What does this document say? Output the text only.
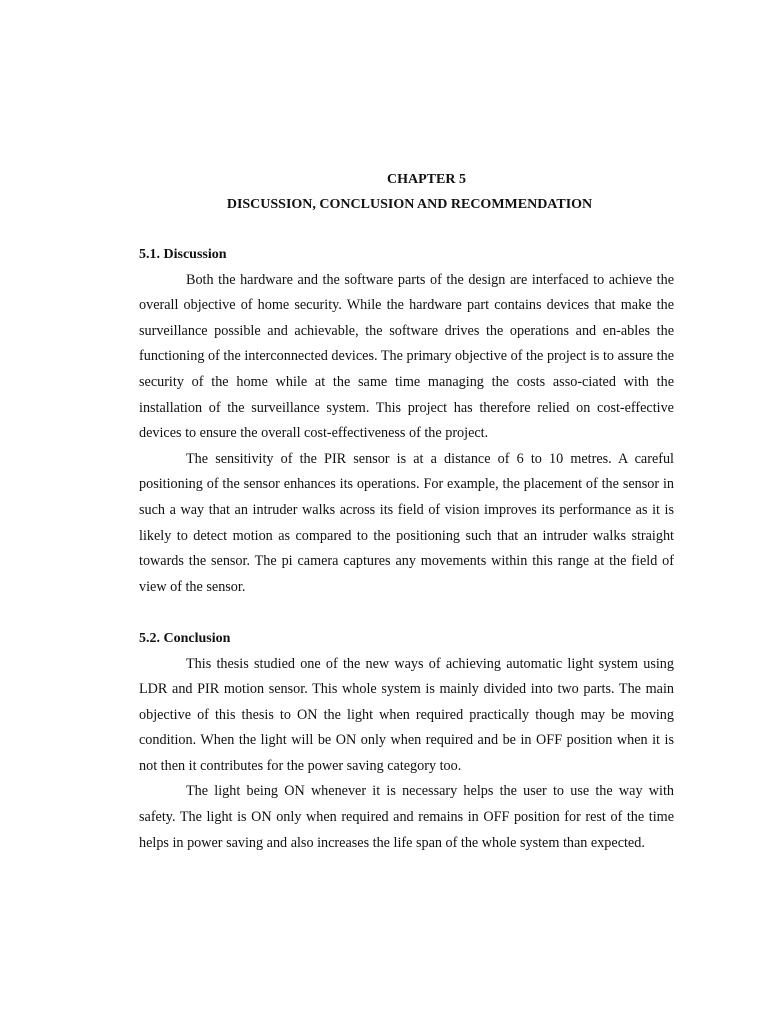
CHAPTER 5
DISCUSSION, CONCLUSION AND RECOMMENDATION
5.1. Discussion

Both the hardware and the software parts of the design are interfaced to achieve the overall objective of home security. While the hardware part contains devices that make the surveillance possible and achievable, the software drives the operations and en-ables the functioning of the interconnected devices. The primary objective of the project is to assure the security of the home while at the same time managing the costs asso-ciated with the installation of the surveillance system. This project has therefore relied on cost-effective devices to ensure the overall cost-effectiveness of the project.

The sensitivity of the PIR sensor is at a distance of 6 to 10 metres. A careful positioning of the sensor enhances its operations. For example, the placement of the sensor in such a way that an intruder walks across its field of vision improves its performance as it is likely to detect motion as compared to the positioning such that an intruder walks straight towards the sensor. The pi camera captures any movements within this range at the field of view of the sensor.

5.2. Conclusion

This thesis studied one of the new ways of achieving automatic light system using LDR and PIR motion sensor. This whole system is mainly divided into two parts. The main objective of this thesis to ON the light when required practically though may be moving condition. When the light will be ON only when required and be in OFF position when it is not then it contributes for the power saving category too.

The light being ON whenever it is necessary helps the user to use the way with safety. The light is ON only when required and remains in OFF position for rest of the time helps in power saving and also increases the life span of the whole system than expected.
